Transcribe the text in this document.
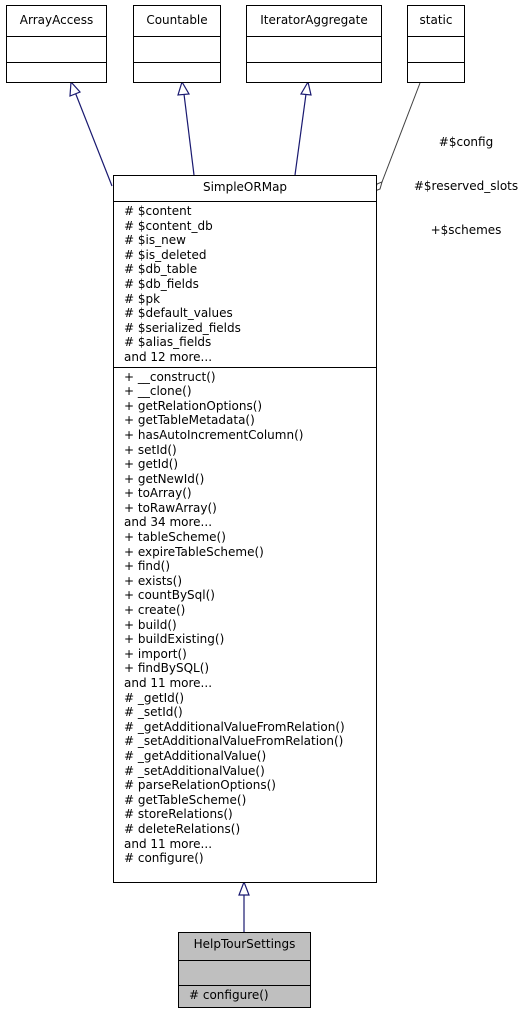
ArrayAccess	Countable	IteratorAggregate	static

#$config

#$reserved_slots

+$schemes

SimpleORMap
# $content
# $content_db
# $is_new
# $is_deleted
# $db_table
# $db_fields
# $pk
# $default_values
# $serialized_fields
# $alias_fields
and 12 more...
+ __construct()
+ __clone()
+ getRelationOptions()
+ getTableMetadata()
+ hasAutoIncrementColumn()
+ setId()
+ getId()
+ getNewId()
+ toArray()
+ toRawArray()
and 34 more...
+ tableScheme()
+ expireTableScheme()
+ find()
+ exists()
+ countBySql()
+ create()
+ build()
+ buildExisting()
+ import()
+ findBySQL()
and 11 more...
# _getId()
# _setId()
# _getAdditionalValueFromRelation()
# _setAdditionalValueFromRelation()
# _getAdditionalValue()
# _setAdditionalValue()
# parseRelationOptions()
# getTableScheme()
# storeRelations()
# deleteRelations()
and 11 more...
# configure()
HelpTourSettings
# configure()
